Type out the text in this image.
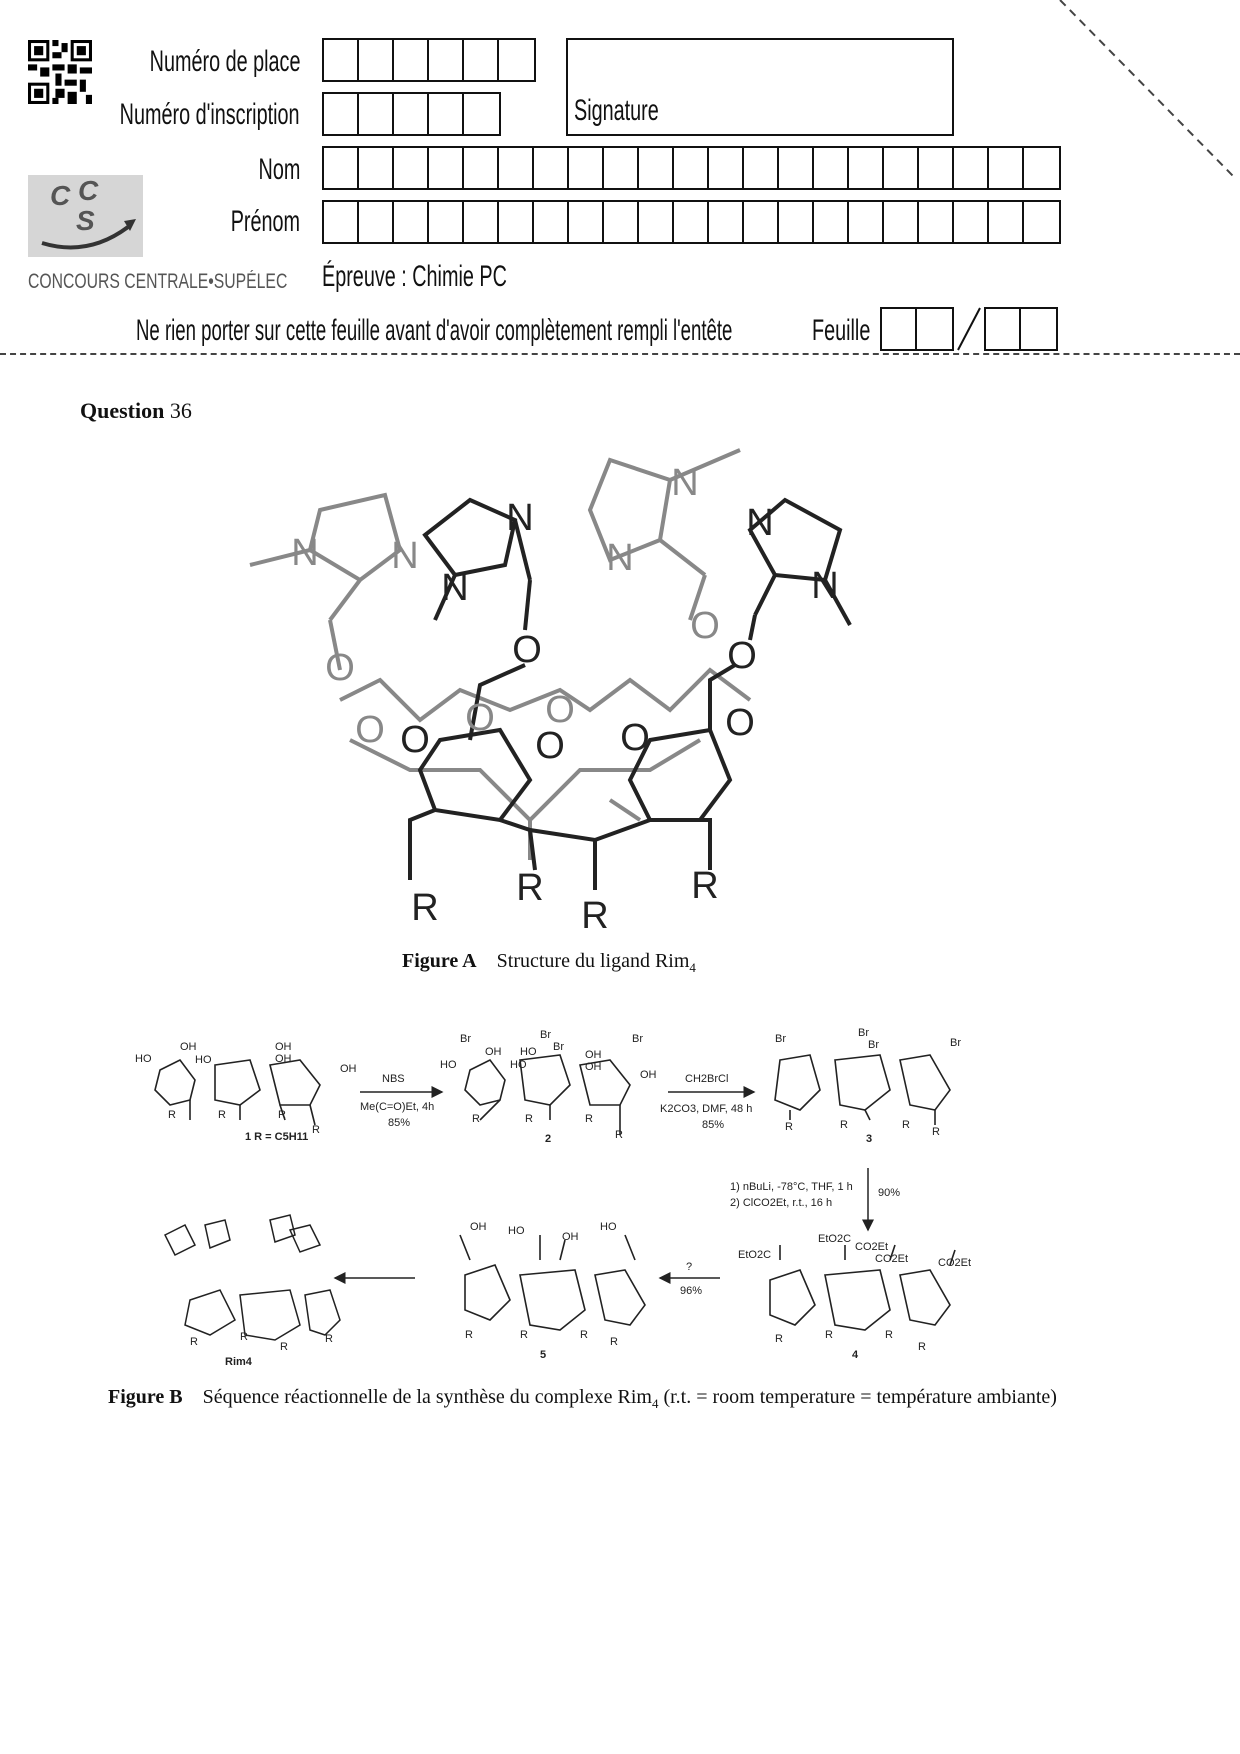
C C
S
CONCOURS CENTRALE•SUPÉLEC
Numéro de place
Numéro d'inscription
Nom
Prénom
Signature
Épreuve : Chimie PC
Ne rien porter sur cette feuille avant d'avoir complètement rempli l'entête	Feuille
Question 36
N N
N
N
N
N
N
N
O
O O
O
O
O
O
O
O
O
O
R R
R
R
Figure A Structure du ligand Rim$_4$
HO
OH
HO
OH
OH
OH
R	R	R
R
1 R = C5H11
NBS
Me(C=O)Et, 4h
85%
Br	Br
Br
Br
HO
OH HO
HO
OH
OH
OH
R	R	R
R
2
CH2BrCl
K2CO3, DMF, 48 h
85%
Br	Br
Br	Br
R	R	R
R
3
1) nBuLi, -78°C, THF, 1 h
2) ClCO2Et, r.t., 16 h
90%
EtO2C
EtO2C
CO2Et
CO2Et	CO2Et
R	R	R
R
4
?
96%
OH HO	OH
HO
R	R	R
R
5
R	R
R
R
Rim4
Figure B Séquence réactionnelle de la synthèse du complexe Rim$_4$ (r.t. = room temperature = température ambiante)
